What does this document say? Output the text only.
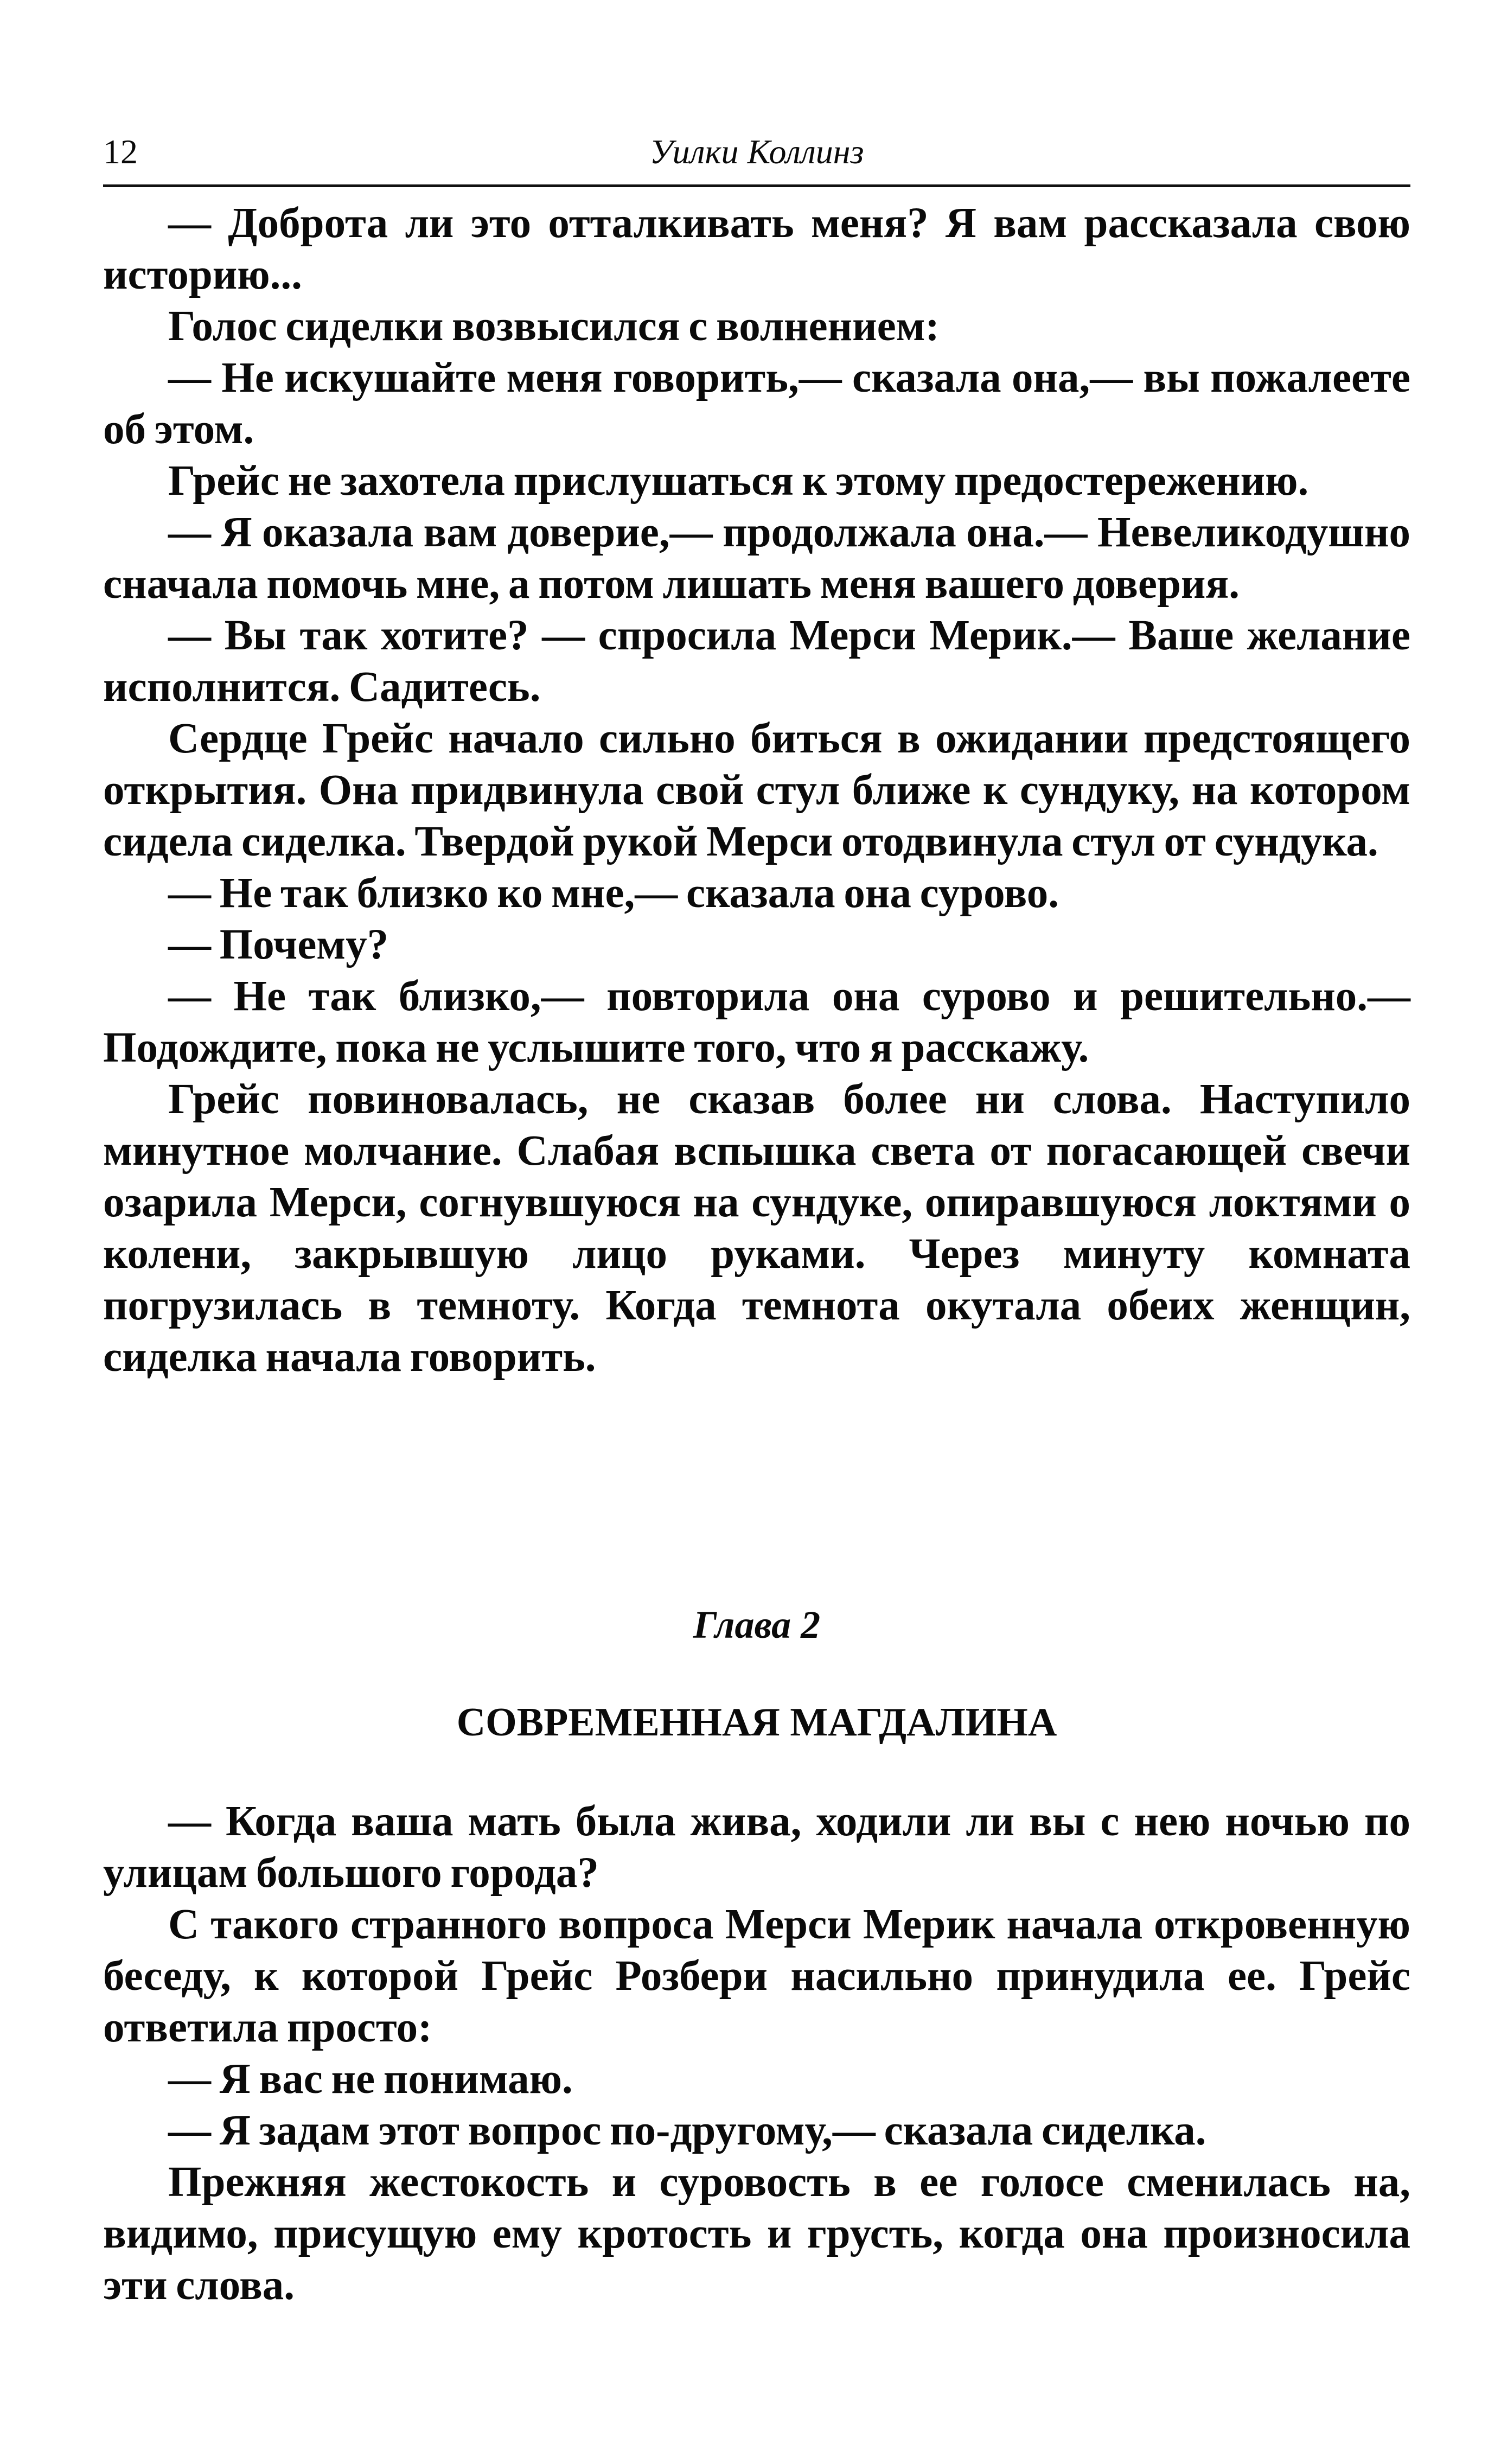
12	Уилки Коллинз

— Доброта ли это отталкивать меня? Я вам рассказала свою историю...

Голос сиделки возвысился с волнением:

— Не искушайте меня говорить,— сказала она,— вы пожалеете об этом.

Грейс не захотела прислушаться к этому предостережению.

— Я оказала вам доверие,— продолжала она.— Невеликодушно сначала помочь мне, а потом лишать меня вашего доверия.

— Вы так хотите? — спросила Мерси Мерик.— Ваше желание исполнится. Садитесь.

Сердце Грейс начало сильно биться в ожидании предстоящего открытия. Она придвинула свой стул ближе к сундуку, на котором сидела сиделка. Твердой рукой Мерси отодвинула стул от сундука.

— Не так близко ко мне,— сказала она сурово.

— Почему?

— Не так близко,— повторила она сурово и решительно.— Подождите, пока не услышите того, что я расскажу.

Грейс повиновалась, не сказав более ни слова. Наступило минутное молчание. Слабая вспышка света от погасающей свечи озарила Мерси, согнувшуюся на сундуке, опиравшуюся локтями о колени, закрывшую лицо руками. Через минуту комната погрузилась в темноту. Когда темнота окутала обеих женщин, сиделка начала говорить.

Глава 2
СОВРЕМЕННАЯ МАГДАЛИНА

— Когда ваша мать была жива, ходили ли вы с нею ночью по улицам большого города?

С такого странного вопроса Мерси Мерик начала откровенную беседу, к которой Грейс Розбери насильно принудила ее. Грейс ответила просто:

— Я вас не понимаю.

— Я задам этот вопрос по-другому,— сказала сиделка.

Прежняя жестокость и суровость в ее голосе сменилась на, видимо, присущую ему кротость и грусть, когда она произносила эти слова.
